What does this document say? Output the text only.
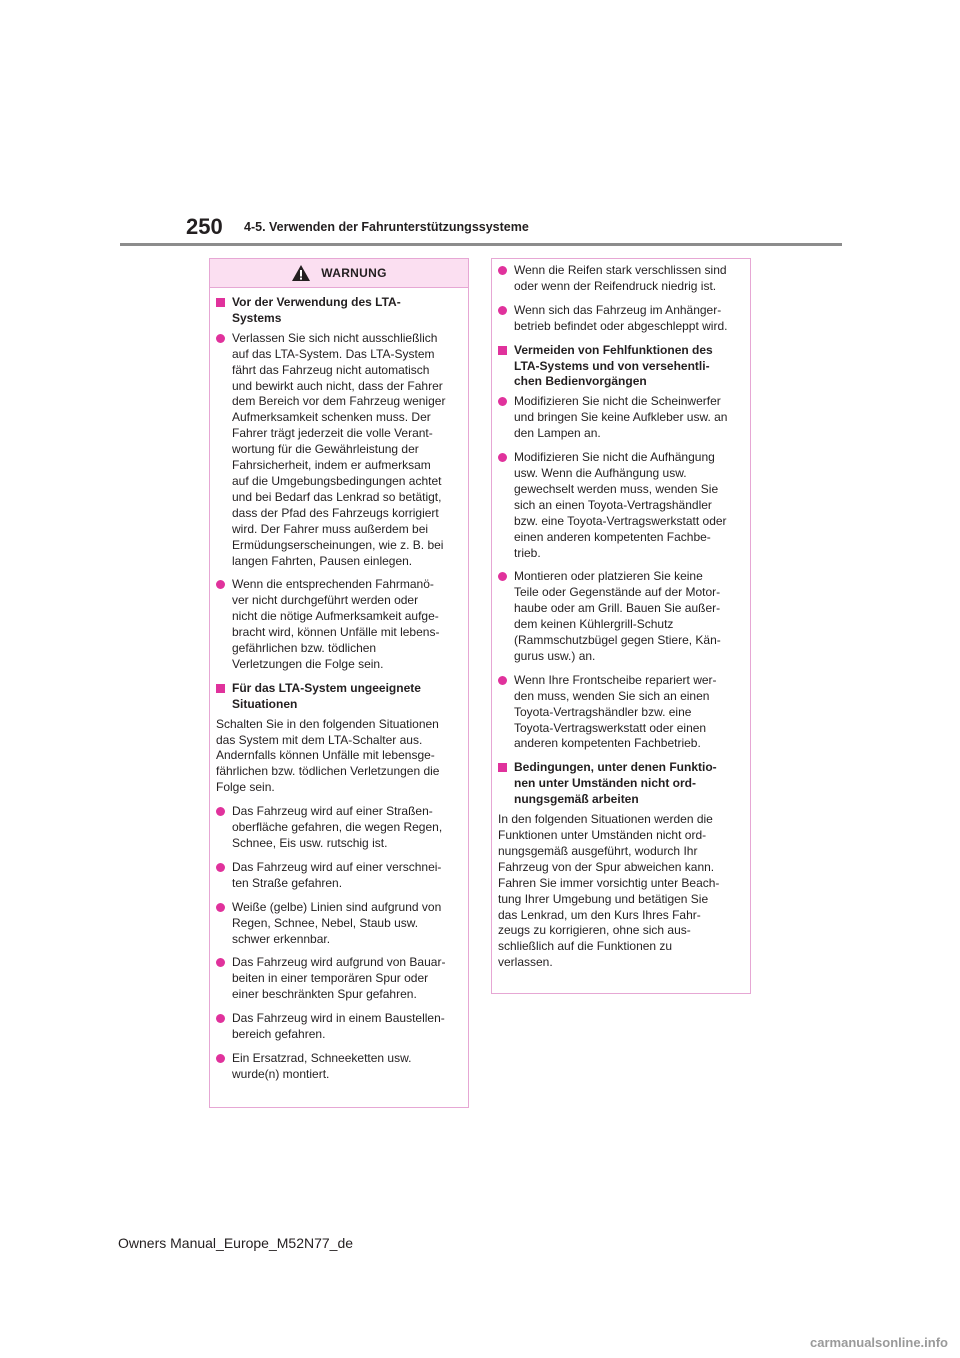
250 4-5. Verwenden der Fahrunterstützungssysteme
WARNUNG
Vor der Verwendung des LTA-
Systems
Verlassen Sie sich nicht ausschließlich
auf das LTA-System. Das LTA-System
fährt das Fahrzeug nicht automatisch
und bewirkt auch nicht, dass der Fahrer
dem Bereich vor dem Fahrzeug weniger
Aufmerksamkeit schenken muss. Der
Fahrer trägt jederzeit die volle Verant-
wortung für die Gewährleistung der
Fahrsicherheit, indem er aufmerksam
auf die Umgebungsbedingungen achtet
und bei Bedarf das Lenkrad so betätigt,
dass der Pfad des Fahrzeugs korrigiert
wird. Der Fahrer muss außerdem bei
Ermüdungserscheinungen, wie z. B. bei
langen Fahrten, Pausen einlegen.
Wenn die entsprechenden Fahrmanö-
ver nicht durchgeführt werden oder
nicht die nötige Aufmerksamkeit aufge-
bracht wird, können Unfälle mit lebens-
gefährlichen bzw. tödlichen
Verletzungen die Folge sein.
Für das LTA-System ungeeignete
Situationen
Schalten Sie in den folgenden Situationen
das System mit dem LTA-Schalter aus.
Andernfalls können Unfälle mit lebensge-
fährlichen bzw. tödlichen Verletzungen die
Folge sein.
Das Fahrzeug wird auf einer Straßen-
oberfläche gefahren, die wegen Regen,
Schnee, Eis usw. rutschig ist.
Das Fahrzeug wird auf einer verschnei-
ten Straße gefahren.
Weiße (gelbe) Linien sind aufgrund von
Regen, Schnee, Nebel, Staub usw.
schwer erkennbar.
Das Fahrzeug wird aufgrund von Bauar-
beiten in einer temporären Spur oder
einer beschränkten Spur gefahren.
Das Fahrzeug wird in einem Baustellen-
bereich gefahren.
Ein Ersatzrad, Schneeketten usw.
wurde(n) montiert.
Wenn die Reifen stark verschlissen sind
oder wenn der Reifendruck niedrig ist.
Wenn sich das Fahrzeug im Anhänger-
betrieb befindet oder abgeschleppt wird.
Vermeiden von Fehlfunktionen des
LTA-Systems und von versehentli-
chen Bedienvorgängen
Modifizieren Sie nicht die Scheinwerfer
und bringen Sie keine Aufkleber usw. an
den Lampen an.
Modifizieren Sie nicht die Aufhängung
usw. Wenn die Aufhängung usw.
gewechselt werden muss, wenden Sie
sich an einen Toyota-Vertragshändler
bzw. eine Toyota-Vertragswerkstatt oder
einen anderen kompetenten Fachbe-
trieb.
Montieren oder platzieren Sie keine
Teile oder Gegenstände auf der Motor-
haube oder am Grill. Bauen Sie außer-
dem keinen Kühlergrill-Schutz
(Rammschutzbügel gegen Stiere, Kän-
gurus usw.) an.
Wenn Ihre Frontscheibe repariert wer-
den muss, wenden Sie sich an einen
Toyota-Vertragshändler bzw. eine
Toyota-Vertragswerkstatt oder einen
anderen kompetenten Fachbetrieb.
Bedingungen, unter denen Funktio-
nen unter Umständen nicht ord-
nungsgemäß arbeiten
In den folgenden Situationen werden die
Funktionen unter Umständen nicht ord-
nungsgemäß ausgeführt, wodurch Ihr
Fahrzeug von der Spur abweichen kann.
Fahren Sie immer vorsichtig unter Beach-
tung Ihrer Umgebung und betätigen Sie
das Lenkrad, um den Kurs Ihres Fahr-
zeugs zu korrigieren, ohne sich aus-
schließlich auf die Funktionen zu
verlassen.
Owners Manual_Europe_M52N77_de
carmanualsonline.info
